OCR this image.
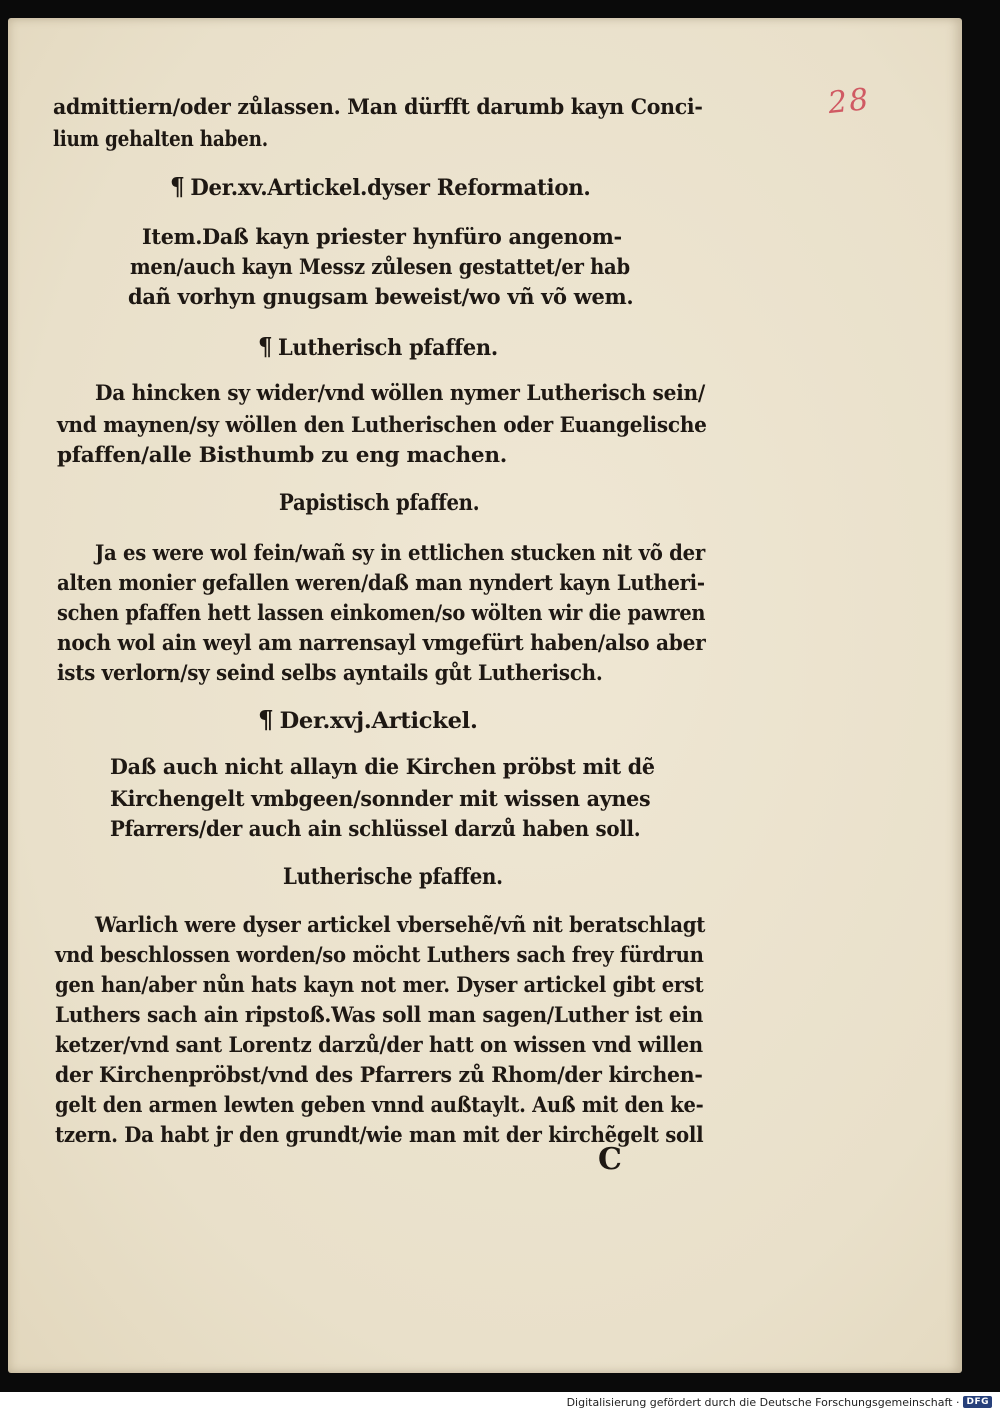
28
admittiern/oder zůlassen. Man dürfft darumb kayn Conci-
lium gehalten haben.
¶ Der.xv.Artickel.dyser Reformation.
Item.Daß kayn priester hynfüro angenom-
men/auch kayn Messz zůlesen gestattet/er hab
dañ vorhyn gnugsam beweist/wo vñ võ wem.
¶ Lutherisch pfaffen.
Da hincken sy wider/vnd wöllen nymer Lutherisch sein/
vnd maynen/sy wöllen den Lutherischen oder Euangelische
pfaffen/alle Bisthumb zu eng machen.
Papistisch pfaffen.
Ja es were wol fein/wañ sy in ettlichen stucken nit võ der
alten monier gefallen weren/daß man nyndert kayn Lutheri-
schen pfaffen hett lassen einkomen/so wölten wir die pawren
noch wol ain weyl am narrensayl vmgefürt haben/also aber
ists verlorn/sy seind selbs ayntails gůt Lutherisch.
¶ Der.xvj.Artickel.
Daß auch nicht allayn die Kirchen pröbst mit dẽ
Kirchengelt vmbgeen/sonnder mit wissen aynes
Pfarrers/der auch ain schlüssel darzů haben soll.
Lutherische pfaffen.
Warlich were dyser artickel vbersehẽ/vñ nit beratschlagt
vnd beschlossen worden/so möcht Luthers sach frey fürdrun
gen han/aber nůn hats kayn not mer. Dyser artickel gibt erst
Luthers sach ain ripstoß.Was soll man sagen/Luther ist ein
ketzer/vnd sant Lorentz darzů/der hatt on wissen vnd willen
der Kirchenpröbst/vnd des Pfarrers zů Rhom/der kirchen-
gelt den armen lewten geben vnnd außtaylt. Auß mit den ke-
tzern. Da habt jr den grundt/wie man mit der kirchẽgelt soll
C
Digitalisierung gefördert durch die Deutsche Forschungsgemeinschaft · DFG
